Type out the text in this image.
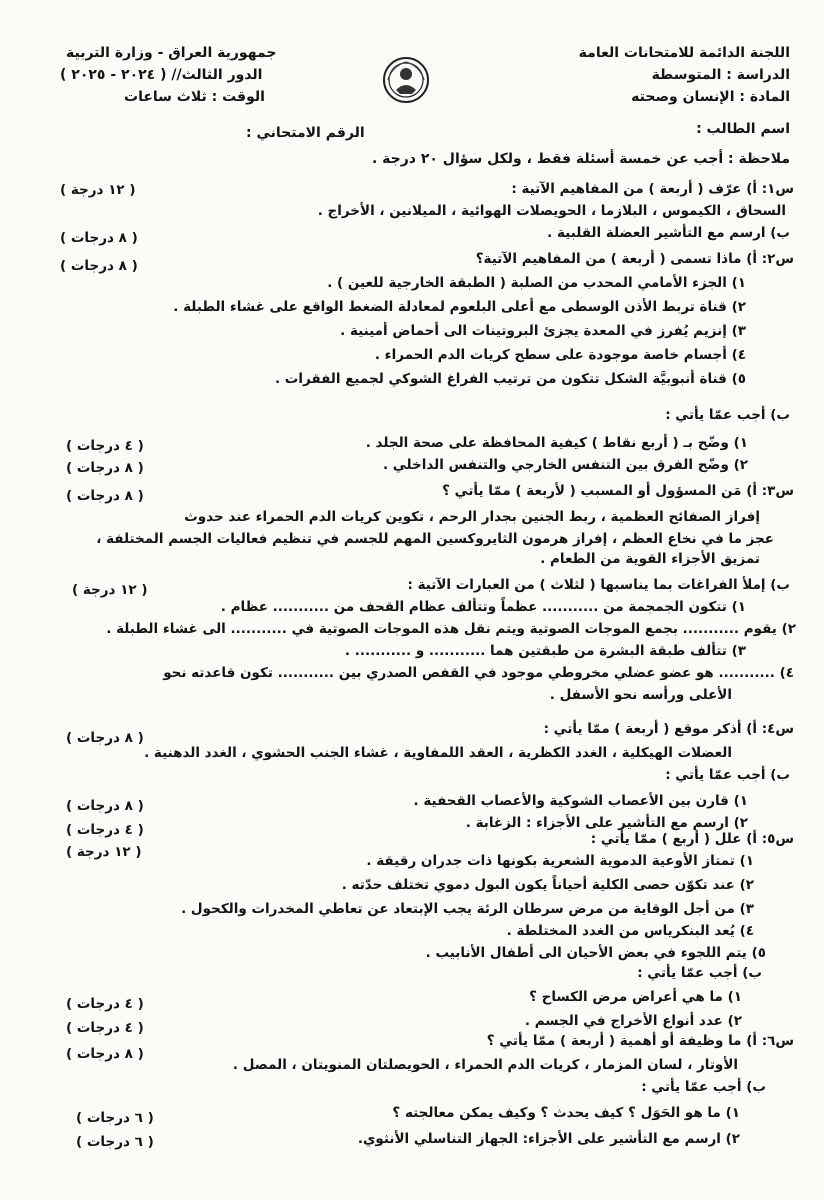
اللجنة الدائمة للامتحانات العامة
الدراسة : المتوسطة
المادة : الإنسان وصحته
جمهورية العراق - وزارة التربية
الدور الثالث// ( ٢٠٢٤ - ٢٠٢٥ )
الوقت : ثلاث ساعات
اسم الطالب :
الرقم الامتحاني :
ملاحظة : أجب عن خمسة أسئلة فقط ، ولكل سؤال ٢٠ درجة .
س١: أ) عرّف ( أربعة ) من المفاهيم الآتية :
السحاق ، الكيموس ، البلازما ، الحويصلات الهوائية ، الميلانين ، الأخراج .
( ١٢ درجة )
ب) ارسم مع التأشير العضلة القلبية .
( ٨ درجات )
س٢: أ) ماذا تسمى ( أربعة ) من المفاهيم الآتية؟
( ٨ درجات )
١) الجزء الأمامي المحدب من الصلبة ( الطبقة الخارجية للعين ) .
٢) قناة تربط الأذن الوسطى مع أعلى البلعوم لمعادلة الضغط الواقع على غشاء الطبلة .
٣) إنزيم يُفرز في المعدة يجزئ البروتينات الى أحماض أمينية .
٤) أجسام خاصة موجودة على سطح كريات الدم الحمراء .
٥) قناة أنبوبيَّة الشكل تتكون من ترتيب الفراغ الشوكي لجميع الفقرات .
ب) أجب عمّا يأتي :
١) وضّح بـ ( أربع نقاط ) كيفية المحافظة على صحة الجلد .
٢) وضّح الفرق بين التنفس الخارجي والتنفس الداخلي .
( ٤ درجات )
( ٨ درجات )
س٣: أ) مَن المسؤول أو المسبب ( لأربعة ) ممّا يأتي ؟
( ٨ درجات )
إفراز الصفائح العظمية ، ربط الجنين بجدار الرحم ، تكوين كريات الدم الحمراء عند حدوث
عجز ما في نخاع العظم ، إفراز هرمون الثايروكسين المهم للجسم في تنظيم فعاليات الجسم المختلفة ،
تمزيق الأجزاء القوية من الطعام .
ب) إملأ الفراغات بما يناسبها ( لثلاث ) من العبارات الآتية :
( ١٢ درجة )
١) تتكون الجمجمة من ........... عظماً وتتألف عظام القحف من ........... عظام .
٢) يقوم ........... بجمع الموجات الصوتية ويتم نقل هذه الموجات الصوتية في ........... الى غشاء الطبلة .
٣) تتألف طبقة البشرة من طبقتين هما ........... و ........... .
٤) ........... هو عضو عضلي مخروطي موجود في القفص الصدري بين ........... تكون قاعدته نحو
الأعلى ورأسه نحو الأسفل .
س٤: أ) أذكر موقع ( أربعة ) ممّا يأتي :
( ٨ درجات )
العضلات الهيكلية ، الغدد الكظرية ، العقد اللمفاوية ، غشاء الجنب الحشوي ، الغدد الدهنية .
ب) أجب عمّا يأتي :
١) قارن بين الأعصاب الشوكية والأعصاب القحفية .
٢) ارسم مع التأشير على الأجزاء : الزغابة .
( ٨ درجات )
( ٤ درجات )
س٥: أ) علل ( أربع ) ممّا يأتي :
( ١٢ درجة )
١) تمتاز الأوعية الدموية الشعرية بكونها ذات جدران رقيقة .
٢) عند تكوّن حصى الكلية أحياناً يكون البول دموي تختلف حدّته .
٣) من أجل الوقاية من مرض سرطان الرئة يجب الإبتعاد عن تعاطي المخدرات والكحول .
٤) يُعد البنكرياس من الغدد المختلطة .
٥) يتم اللجوء في بعض الأحيان الى أطفال الأنابيب .
ب) أجب عمّا يأتي :
١) ما هي أعراض مرض الكساح ؟
٢) عدد أنواع الأخراج في الجسم .
( ٤ درجات )
( ٤ درجات )
س٦: أ) ما وظيفة أو أهمية ( أربعة ) ممّا يأتي ؟
( ٨ درجات )
الأوتار ، لسان المزمار ، كريات الدم الحمراء ، الحويصلتان المنويتان ، المصل .
ب) أجب عمّا يأتي :
١) ما هو الحَوَل ؟ كيف يحدث ؟ وكيف يمكن معالجته ؟
٢) ارسم مع التأشير على الأجزاء: الجهاز التناسلي الأنثوي.
( ٦ درجات )
( ٦ درجات )
